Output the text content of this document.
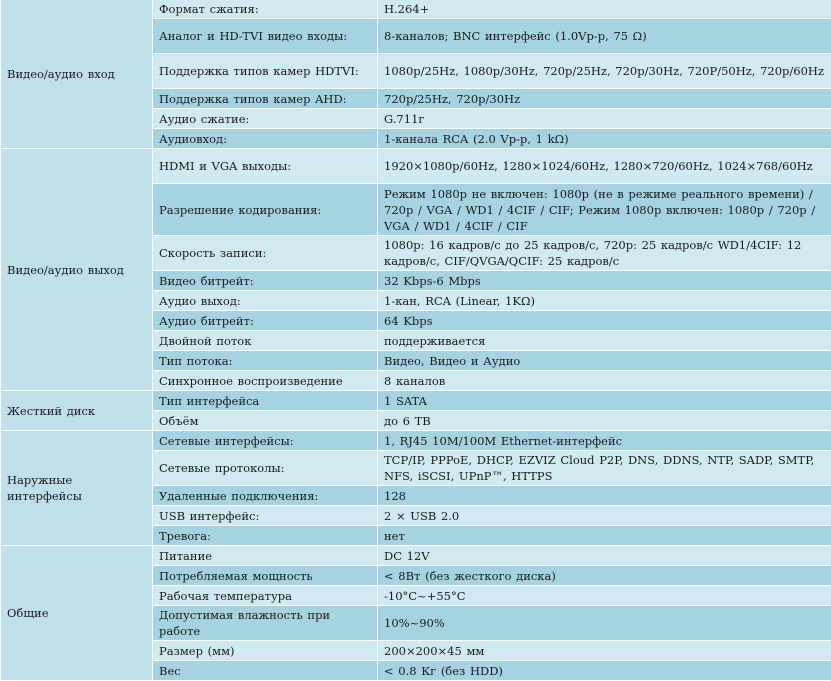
Видео/аудио вход	Формат сжатия:	H.264+
	Аналог и HD-TVI видео входы:	8-каналов; BNC интерфейс (1.0Vp-p, 75 Ω)
	Поддержка типов камер HDTVI:	1080p/25Hz, 1080p/30Hz, 720p/25Hz, 720p/30Hz, 720P/50Hz, 720p/60Hz
	Поддержка типов камер AHD:	720p/25Hz, 720p/30Hz
	Аудио сжатие:	G.711г
	Аудиовход:	1-канала RCA (2.0 Vp-p, 1 kΩ)
Видео/аудио выход	HDMI и VGA выходы:	1920×1080p/60Hz, 1280×1024/60Hz, 1280×720/60Hz, 1024×768/60Hz
	Разрешение кодирования:	Режим 1080p не включен: 1080p (не в режиме реального времени) / 720p / VGA / WD1 / 4CIF / CIF; Режим 1080p включен: 1080p / 720p / VGA / WD1 / 4CIF / CIF
	Скорость записи:	1080p: 16 кадров/с до 25 кадров/с, 720p: 25 кадров/с WD1/4CIF: 12 кадров/с, CIF/QVGA/QCIF: 25 кадров/с
	Видео битрейт:	32 Kbps-6 Mbps
	Аудио выход:	1-кан, RCA (Linear, 1KΩ)
	Аудио битрейт:	64 Kbps
	Двойной поток	поддерживается
	Тип потока:	Видео, Видео и Аудио
	Синхронное воспроизведение	8 каналов
Жесткий диск	Тип интерфейса	1 SATA
	Объём	до 6 TB
Наружные интерфейсы	Сетевые интерфейсы:	1, RJ45 10M/100M Ethernet-интерфейс
	Сетевые протоколы:	TCP/IP, PPPoE, DHCP, EZVIZ Cloud P2P, DNS, DDNS, NTP, SADP, SMTP, NFS, iSCSI, UPnP™, HTTPS
	Удаленные подключения:	128
	USB интерфейс:	2 × USB 2.0
	Тревога:	нет
Общие	Питание	DC 12V
	Потребляемая мощность	< 8Вт (без жесткого диска)
	Рабочая температура	-10°C~+55°C
	Допустимая влажность при работе	10%~90%
	Размер (мм)	200×200×45 мм
	Вес	< 0.8 Кг (без HDD)
